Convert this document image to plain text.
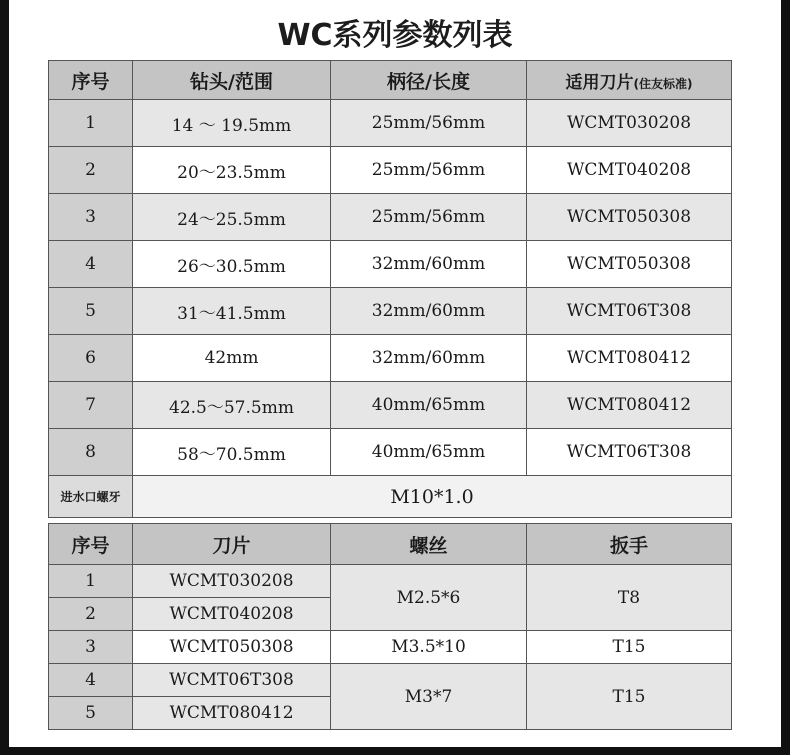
WC系列参数列表
序号	钻头/范围	柄径/长度	适用刀片(住友标准)
1	14 ～ 19.5mm	25mm/56mm	WCMT030208
2	20～23.5mm	25mm/56mm	WCMT040208
3	24～25.5mm	25mm/56mm	WCMT050308
4	26～30.5mm	32mm/60mm	WCMT050308
5	31～41.5mm	32mm/60mm	WCMT06T308
6	42mm	32mm/60mm	WCMT080412
7	42.5～57.5mm	40mm/65mm	WCMT080412
8	58～70.5mm	40mm/65mm	WCMT06T308
进水口螺牙	M10*1.0		
序号	刀片	螺丝	扳手
1	WCMT030208	M2.5*6	T8
2	WCMT040208		
3	WCMT050308	M3.5*10	T15
4	WCMT06T308	M3*7	T15
5	WCMT080412		
